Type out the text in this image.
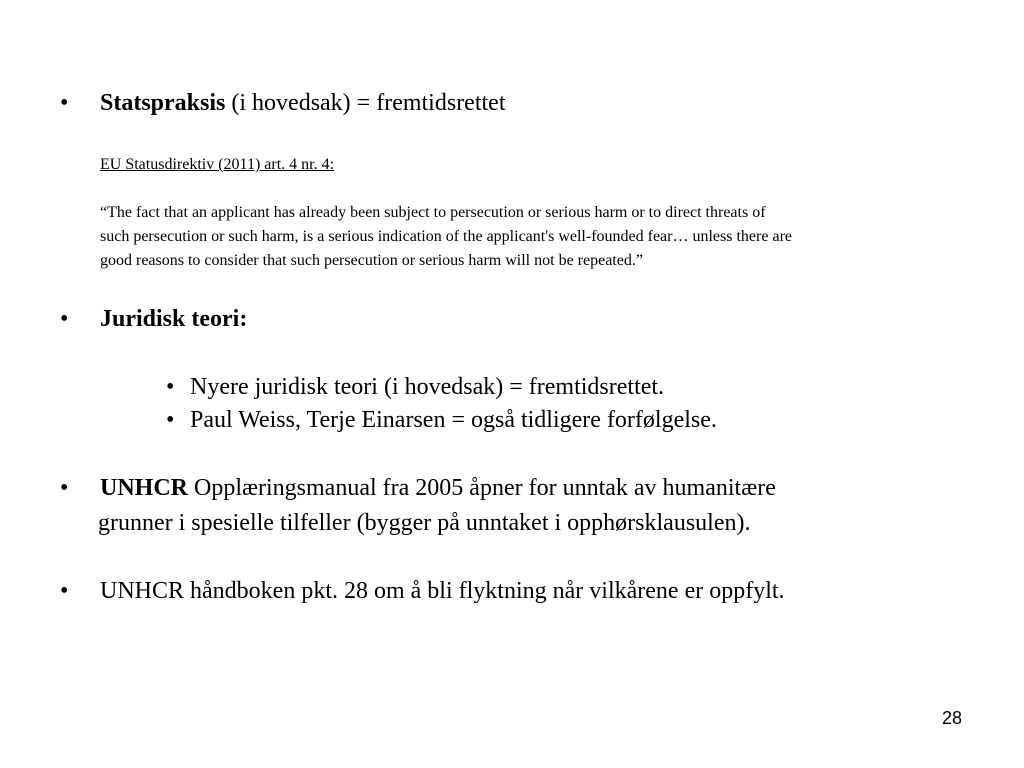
•	Statspraksis (i hovedsak) = fremtidsrettet
EU Statusdirektiv (2011) art. 4 nr. 4:
“The fact that an applicant has already been subject to persecution or serious harm or to direct threats of
such persecution or such harm, is a serious indication of the applicant's well-founded fear… unless there are
good reasons to consider that such persecution or serious harm will not be repeated.”
•	Juridisk teori:
• Nyere juridisk teori (i hovedsak) = fremtidsrettet.
• Paul Weiss, Terje Einarsen = også tidligere forfølgelse.
•	UNHCR Opplæringsmanual fra 2005 åpner for unntak av humanitære
grunner i spesielle tilfeller (bygger på unntaket i opphørsklausulen).
•	UNHCR håndboken pkt. 28 om å bli flyktning når vilkårene er oppfylt.
28
